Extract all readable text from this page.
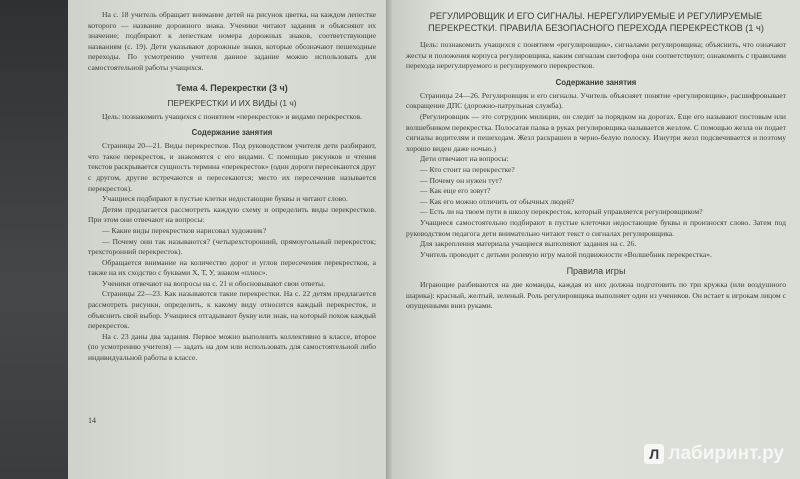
На с. 18 учитель обращает внимание детей на рисунок цветка, на каждом лепестке которого — название дорожного знака. Ученики читают задания и объясняют их значение; подбирают к лепесткам номера дорожных знаков, соответствующие названиям (с. 19). Дети указывают дорожные знаки, которые обозначают пешеходные переходы. По усмотрению учителя данное задание можно использовать для самостоятельной работы учащихся.

Тема 4. Перекрестки (3 ч)
ПЕРЕКРЕСТКИ И ИХ ВИДЫ (1 ч)

Цель: познакомить учащихся с понятием «перекресток» и видами перекрестков.

Содержание занятия

Страницы 20—21. Виды перекрестков. Под руководством учителя дети разбирают, что такое перекресток, и знакомятся с его видами. С помощью рисунков и чтения текстов раскрывается сущность термина «перекресток» (одни дороги пересекаются друг с другом, другие встречаются и пересекаются; место их пересечения называется перекресток).

Учащиеся подбирают в пустые клетки недостающие буквы и читают слово.

Детям предлагается рассмотреть каждую схему и определить виды перекрестков. При этом они отвечают на вопросы:

— Какие виды перекрестков нарисовал художник?

— Почему они так называются? (четырехсторонний, прямоугольный перекресток; трехсторонний перекресток).

Обращается внимание на количество дорог и углов пересечения перекрестков, а также на их сходство с буквами Х, Т, У, знаком «плюс».

Ученики отвечают на вопросы на с. 21 и обосновывают свои ответы.

Страницы 22—23. Как называются такие перекрестки. На с. 22 детям предлагается рассмотреть рисунки, определить, к какому виду относится каждый перекресток, и объяснить свой выбор. Учащиеся отгадывают букву или знак, на который похож каждый перекресток.

На с. 23 даны два задания. Первое можно выполнить коллективно в классе, второе (по усмотрению учителя) — задать на дом или использовать для самостоятельной либо индивидуальной работы в классе.

14
РЕГУЛИРОВЩИК И ЕГО СИГНАЛЫ. НЕРЕГУЛИРУЕМЫЕ И РЕГУЛИРУЕМЫЕ ПЕРЕКРЕСТКИ. ПРАВИЛА БЕЗОПАСНОГО ПЕРЕХОДА ПЕРЕКРЕСТКОВ (1 ч)

Цель: познакомить учащихся с понятием «регулировщик», сигналами регулировщика; объяснить, что означают жесты и положения корпуса регулировщика, каким сигналам светофора они соответствуют; ознакомить с правилами перехода нерегулируемого и регулируемого перекрестков.

Содержание занятия

Страницы 24—26. Регулировщик и его сигналы. Учитель объясняет понятие «регулировщик», расшифровывает сокращение ДПС (дорожно-патрульная служба).

(Регулировщик — это сотрудник милиции, он следит за порядком на дорогах. Еще его называют постовым или волшебником перекрестка. Полосатая палка в руках регулировщика называется жезлом. С помощью жезла он подает сигналы водителям и пешеходам. Жезл раскрашен в черно-белую полоску. Изнутри жезл подсвечивается и поэтому хорошо виден даже ночью.)

Дети отвечают на вопросы:

— Кто стоит на перекрестке?

— Почему он нужен тут?

— Как еще его зовут?

— Как его можно отличить от обычных людей?

— Есть ли на твоем пути в школу перекресток, который управляется регулировщиком?

Учащиеся самостоятельно подбирают в пустые клеточки недостающие буквы и произносят слово. Затем под руководством педагога дети внимательно читают текст о сигналах регулировщика.

Для закрепления материала учащиеся выполняют задания на с. 26.

Учитель проводит с детьми ролевую игру малой подвижности «Волшебник перекрестка».

Правила игры

Играющие разбиваются на две команды, каждая из них должна подготовить по три кружка (или воздушного шарика): красный, желтый, зеленый. Роль регулировщика выполняет один из учеников. Он встает к игрокам лицом с опущенными вниз руками.

Л лабиринт.ру
